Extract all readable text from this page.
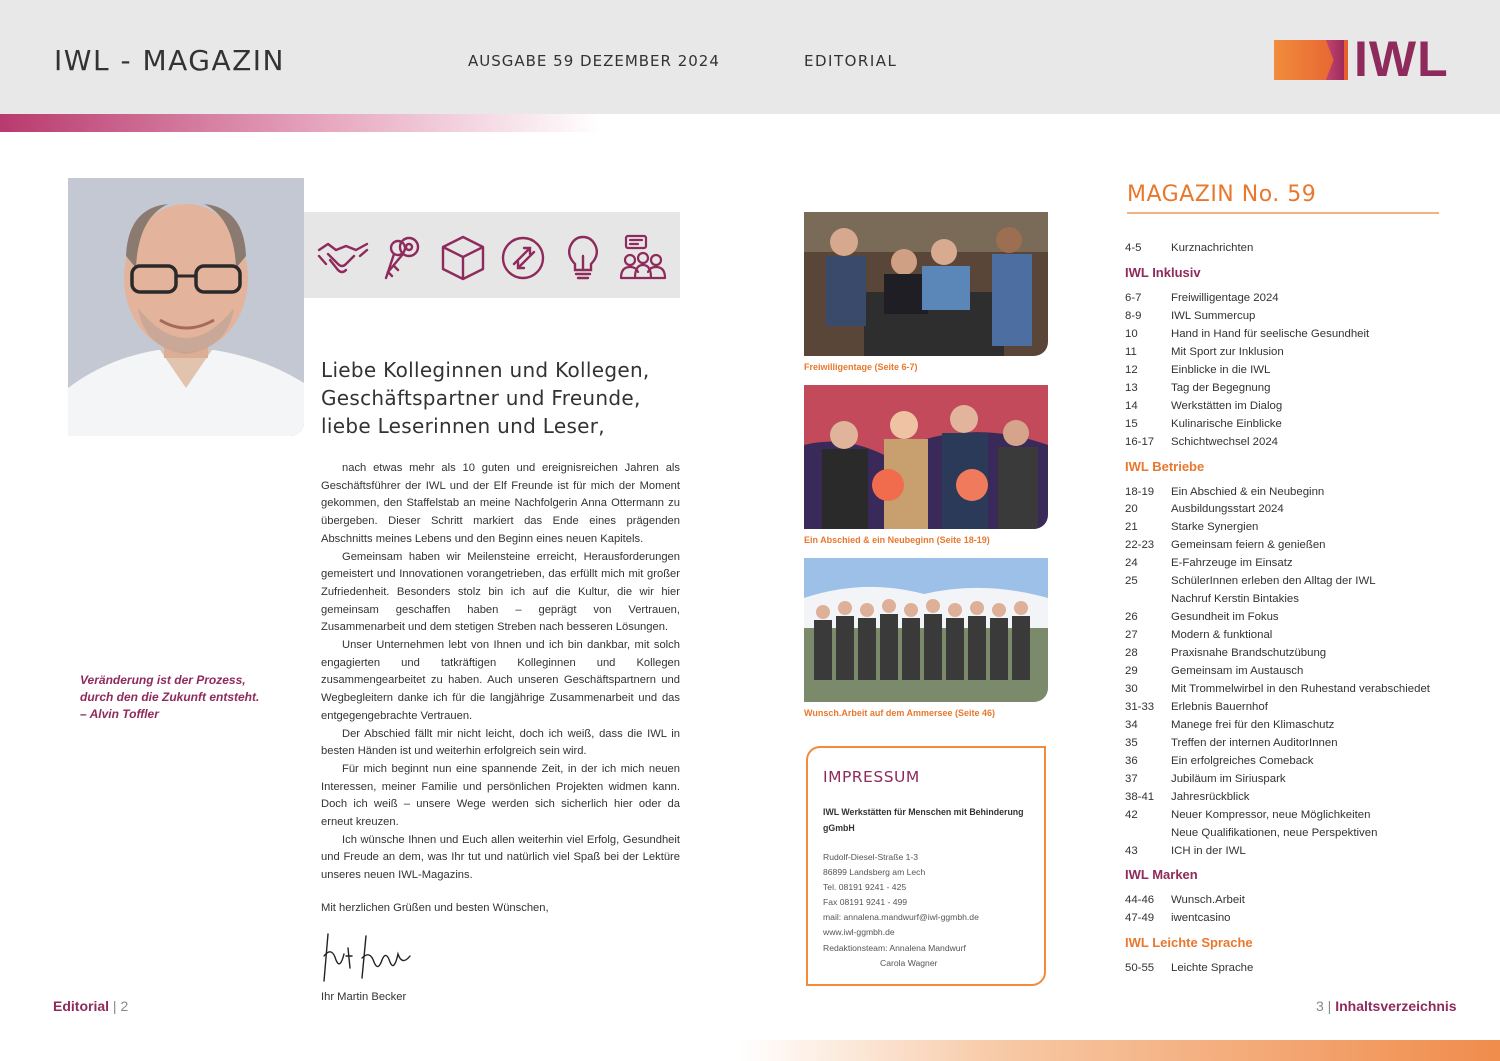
IWL - MAGAZIN	AUSGABE 59 DEZEMBER 2024	EDITORIAL	IWL
Veränderung ist der Prozess,
durch den die Zukunft entsteht.
– Alvin Toffler
Liebe Kolleginnen und Kollegen,
Geschäftspartner und Freunde,
liebe Leserinnen und Leser,

nach etwas mehr als 10 guten und ereignisreichen Jahren als Geschäftsführer der IWL und der Elf Freunde ist für mich der Moment gekommen, den Staffelstab an meine Nachfolgerin Anna Ottermann zu übergeben. Dieser Schritt markiert das Ende eines prägenden Abschnitts meines Lebens und den Beginn eines neuen Kapitels.

Gemeinsam haben wir Meilensteine erreicht, Herausforderungen gemeistert und Innovationen vorangetrieben, das erfüllt mich mit großer Zufriedenheit. Besonders stolz bin ich auf die Kultur, die wir hier gemeinsam geschaffen haben – geprägt von Vertrauen, Zusammenarbeit und dem stetigen Streben nach besseren Lösungen.

Unser Unternehmen lebt von Ihnen und ich bin dankbar, mit solch engagierten und tatkräftigen Kolleginnen und Kollegen zusammengearbeitet zu haben. Auch unseren Geschäftspartnern und Wegbegleitern danke ich für die langjährige Zusammenarbeit und das entgegengebrachte Vertrauen.

Der Abschied fällt mir nicht leicht, doch ich weiß, dass die IWL in besten Händen ist und weiterhin erfolgreich sein wird.

Für mich beginnt nun eine spannende Zeit, in der ich mich neuen Interessen, meiner Familie und persönlichen Projekten widmen kann. Doch ich weiß – unsere Wege werden sich sicherlich hier oder da erneut kreuzen.

Ich wünsche Ihnen und Euch allen weiterhin viel Erfolg, Gesundheit und Freude an dem, was Ihr tut und natürlich viel Spaß bei der Lektüre unseres neuen IWL-Magazins.

Mit herzlichen Grüßen und besten Wünschen,
Ihr Martin Becker
Editorial | 2
Freiwilligentage (Seite 6-7)
Ein Abschied & ein Neubeginn (Seite 18-19)
Wunsch.Arbeit auf dem Ammersee (Seite 46)
IMPRESSUM
IWL Werkstätten für Menschen mit Behinderung gGmbH
Rudolf-Diesel-Straße 1-3
86899 Landsberg am Lech
Tel. 08191 9241 - 425
Fax 08191 9241 - 499
mail: annalena.mandwurf@iwl-ggmbh.de
www.iwl-ggmbh.de
Redaktionsteam: Annalena Mandwurf
Carola Wagner
MAGAZIN No. 59
4-5	Kurznachrichten
IWL Inklusiv
6-7	Freiwilligentage 2024
8-9	IWL Summercup
10	Hand in Hand für seelische Gesundheit
11	Mit Sport zur Inklusion
12	Einblicke in die IWL
13	Tag der Begegnung
14	Werkstätten im Dialog
15	Kulinarische Einblicke
16-17 Schichtwechsel 2024
IWL Betriebe
18-19 Ein Abschied & ein Neubeginn
20	Ausbildungsstart 2024
21	Starke Synergien
22-23 Gemeinsam feiern & genießen
24	E-Fahrzeuge im Einsatz
25	SchülerInnen erleben den Alltag der IWL
Nachruf Kerstin Bintakies
26	Gesundheit im Fokus
27	Modern & funktional
28	Praxisnahe Brandschutzübung
29	Gemeinsam im Austausch
30	Mit Trommelwirbel in den Ruhestand verabschiedet
31-33 Erlebnis Bauernhof
34	Manege frei für den Klimaschutz
35	Treffen der internen AuditorInnen
36	Ein erfolgreiches Comeback
37	Jubiläum im Siriuspark
38-41 Jahresrückblick
42	Neuer Kompressor, neue Möglichkeiten
Neue Qualifikationen, neue Perspektiven
43	ICH in der IWL
IWL Marken
44-46 Wunsch.Arbeit
47-49 iwentcasino
IWL Leichte Sprache
50-55 Leichte Sprache
3 | Inhaltsverzeichnis
